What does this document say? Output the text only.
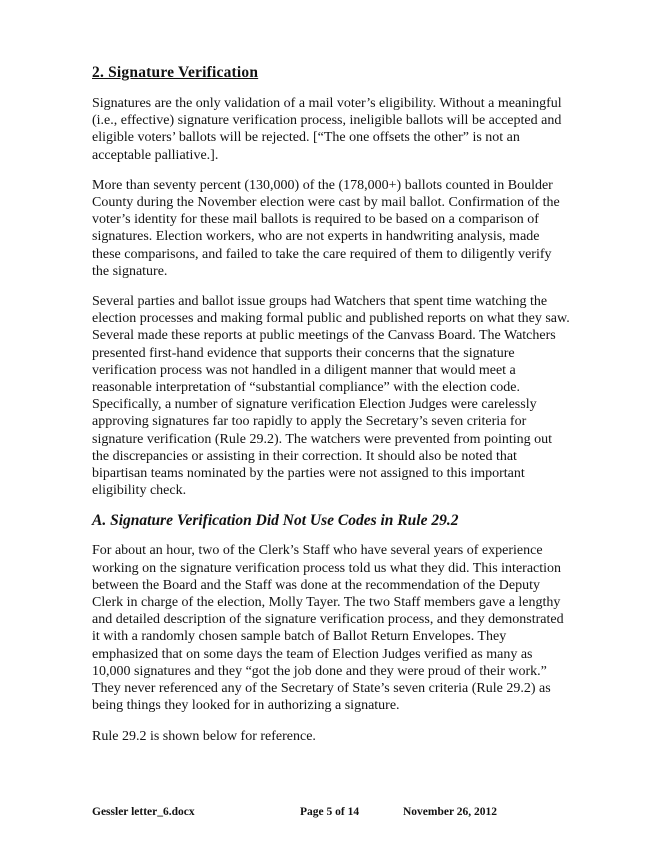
2. Signature Verification

Signatures are the only validation of a mail voter’s eligibility. Without a meaningful (i.e., effective) signature verification process, ineligible ballots will be accepted and eligible voters’ ballots will be rejected. [“The one offsets the other” is not an acceptable palliative.].

More than seventy percent (130,000) of the (178,000+) ballots counted in Boulder County during the November election were cast by mail ballot. Confirmation of the voter’s identity for these mail ballots is required to be based on a comparison of signatures. Election workers, who are not experts in handwriting analysis, made these comparisons, and failed to take the care required of them to diligently verify the signature.

Several parties and ballot issue groups had Watchers that spent time watching the election processes and making formal public and published reports on what they saw. Several made these reports at public meetings of the Canvass Board. The Watchers presented first-hand evidence that supports their concerns that the signature verification process was not handled in a diligent manner that would meet a reasonable interpretation of “substantial compliance” with the election code. Specifically, a number of signature verification Election Judges were carelessly approving signatures far too rapidly to apply the Secretary’s seven criteria for signature verification (Rule 29.2). The watchers were prevented from pointing out the discrepancies or assisting in their correction. It should also be noted that bipartisan teams nominated by the parties were not assigned to this important eligibility check.

A. Signature Verification Did Not Use Codes in Rule 29.2

For about an hour, two of the Clerk’s Staff who have several years of experience working on the signature verification process told us what they did. This interaction between the Board and the Staff was done at the recommendation of the Deputy Clerk in charge of the election, Molly Tayer. The two Staff members gave a lengthy and detailed description of the signature verification process, and they demonstrated it with a randomly chosen sample batch of Ballot Return Envelopes. They emphasized that on some days the team of Election Judges verified as many as 10,000 signatures and they “got the job done and they were proud of their work.” They never referenced any of the Secretary of State’s seven criteria (Rule 29.2) as being things they looked for in authorizing a signature.

Rule 29.2 is shown below for reference.

Gessler letter_6.docx	Page 5 of 14	November 26, 2012
